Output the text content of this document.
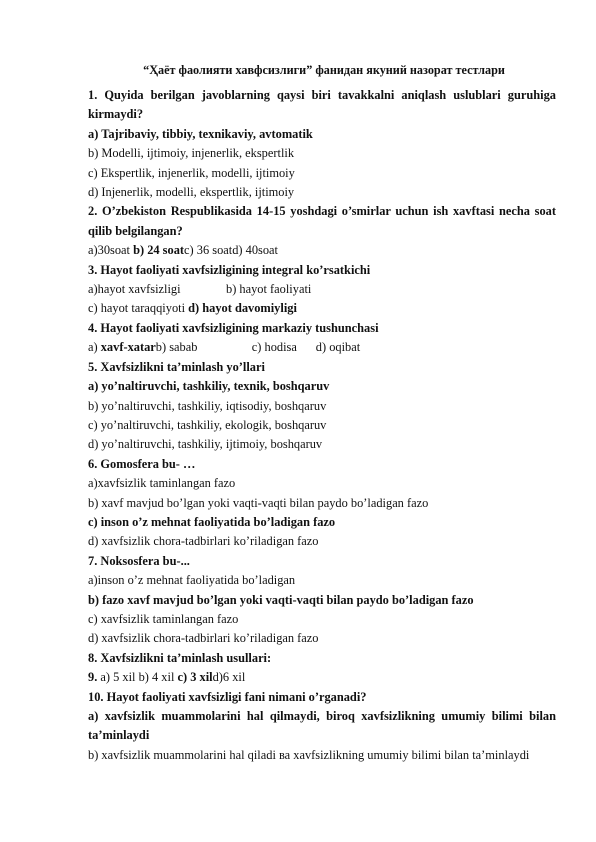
“Ҳаёт фаолияти хавфсизлиги” фанидан якуний назорат тестлари
1. Quyida berilgan javoblarning qaysi biri tavakkalni aniqlash uslublari guruhiga kirmaydi?
a) Tajribaviy, tibbiy, texnikaviy, avtomatik
b) Modelli, ijtimoiy, injenerlik, ekspertlik
c) Ekspertlik, injenerlik, modelli, ijtimoiy
d) Injenerlik, modelli, ekspertlik, ijtimoiy
2. O’zbekiston Respublikasida 14-15 yoshdagi o’smirlar uchun ish xavftasi necha soat qilib belgilangan?
a)30soat b) 24 soatc) 36 soatd) 40soat
3. Hayot faoliyati xavfsizligining integral ko’rsatkichi
a)hayot xavfsizligi	b) hayot faoliyati
c) hayot taraqqiyoti d) hayot davomiyligi
4. Hayot faoliyati xavfsizligining markaziy tushunchasi
a) xavf-xatarb) sabab	c) hodisa d) oqibat
5. Xavfsizlikni ta’minlash yo’llari
a) yo’naltiruvchi, tashkiliy, texnik, boshqaruv
b) yo’naltiruvchi, tashkiliy, iqtisodiy, boshqaruv
c) yo’naltiruvchi, tashkiliy, ekologik, boshqaruv
d) yo’naltiruvchi, tashkiliy, ijtimoiy, boshqaruv
6. Gomosfera bu- …
a)xavfsizlik taminlangan fazo
b) xavf mavjud bo’lgan yoki vaqti-vaqti bilan paydo bo’ladigan fazo
c) inson o’z mehnat faoliyatida bo’ladigan fazo
d) xavfsizlik chora-tadbirlari ko’riladigan fazo
7. Noksosfera bu-...
a)inson o’z mehnat faoliyatida bo’ladigan
b) fazo xavf mavjud bo’lgan yoki vaqti-vaqti bilan paydo bo’ladigan fazo
c) xavfsizlik taminlangan fazo
d) xavfsizlik chora-tadbirlari ko’riladigan fazo
8. Xavfsizlikni ta’minlash usullari:
9. a) 5 xil b) 4 xil c) 3 xild)6 xil
10. Hayot faoliyati xavfsizligi fani nimani o’rganadi?
a) xavfsizlik muammolarini hal qilmaydi, biroq xavfsizlikning umumiy bilimi bilan ta’minlaydi
b) xavfsizlik muammolarini hal qiladi ва xavfsizlikning umumiy bilimi bilan ta’minlaydi
